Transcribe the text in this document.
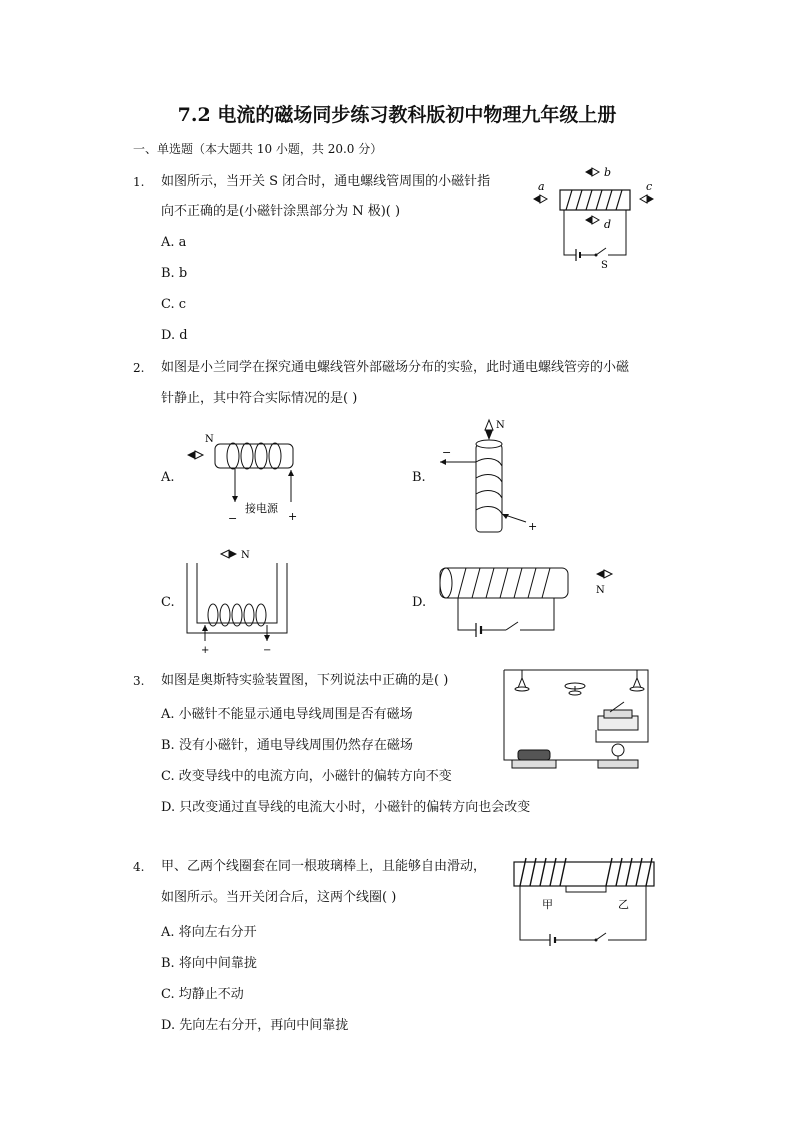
7.2 电流的磁场同步练习教科版初中物理九年级上册
一、单选题（本大题共 10 小题，共 20.0 分）
1. 如图所示，当开关 S 闭合时，通电螺线管周围的小磁针指
向不正确的是(小磁针涂黑部分为 N 极)( )
A. a
B. b
C. c
D. d
a
b
c
d
S
2. 如图是小兰同学在探究通电螺线管外部磁场分布的实验，此时通电螺线管旁的小磁
针静止，其中符合实际情况的是( )
A.
N
接电源
−	+
B.
N
−
+
C.
N
+	−
D.
N
3. 如图是奥斯特实验装置图，下列说法中正确的是( )
A. 小磁针不能显示通电导线周围是否有磁场
B. 没有小磁针，通电导线周围仍然存在磁场
C. 改变导线中的电流方向，小磁针的偏转方向不变
D. 只改变通过直导线的电流大小时，小磁针的偏转方向也会改变
4. 甲、乙两个线圈套在同一根玻璃棒上，且能够自由滑动，
如图所示。当开关闭合后，这两个线圈( )
A. 将向左右分开
B. 将向中间靠拢
C. 均静止不动
D. 先向左右分开，再向中间靠拢
甲	乙
